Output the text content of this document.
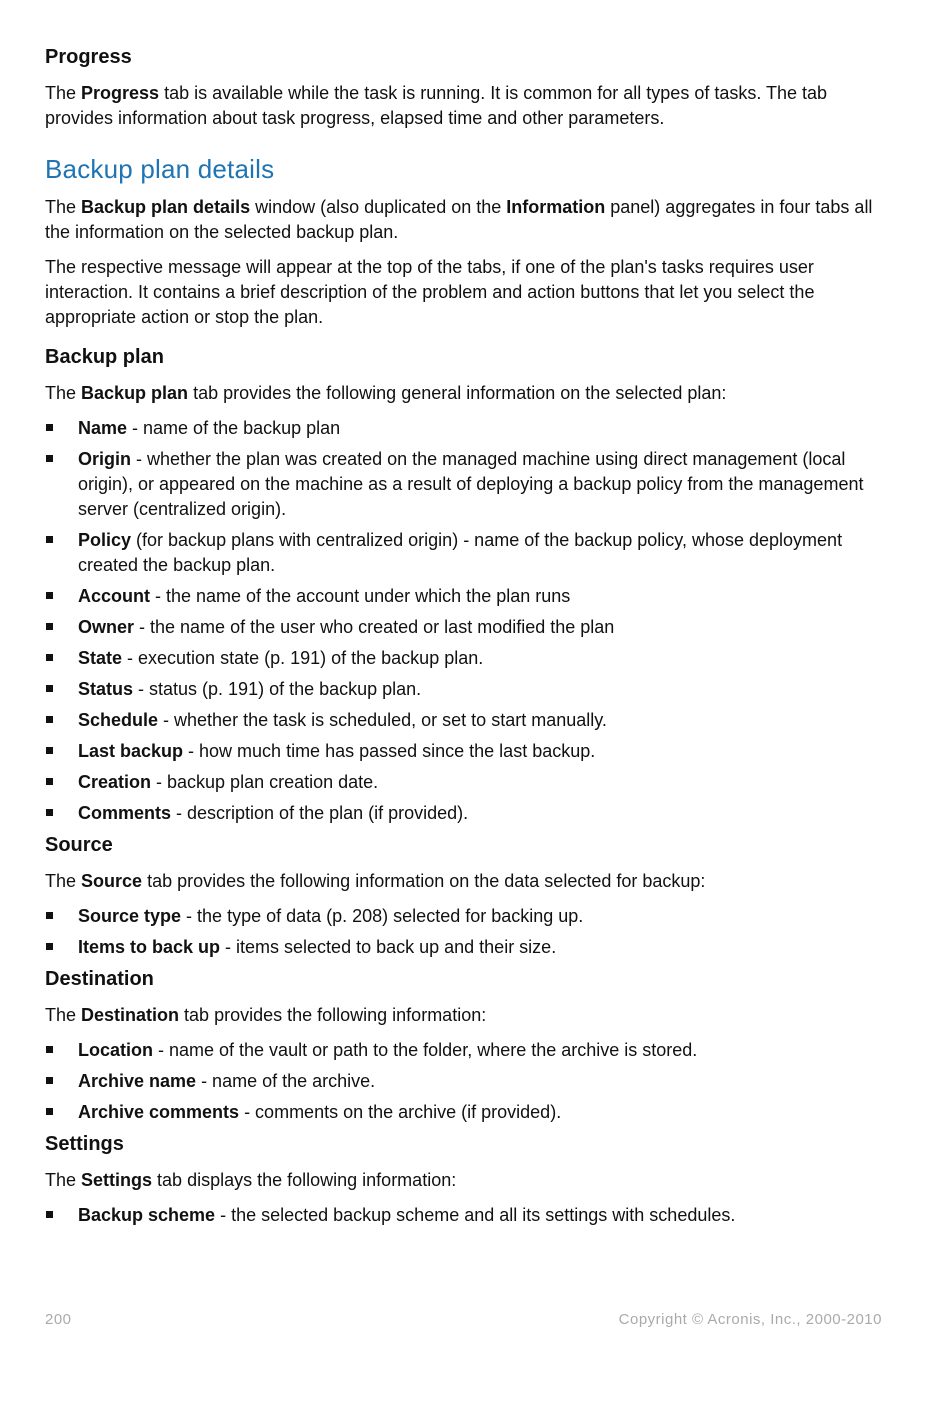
Progress

The Progress tab is available while the task is running. It is common for all types of tasks. The tab provides information about task progress, elapsed time and other parameters.

Backup plan details

The Backup plan details window (also duplicated on the Information panel) aggregates in four tabs all the information on the selected backup plan.

The respective message will appear at the top of the tabs, if one of the plan's tasks requires user interaction. It contains a brief description of the problem and action buttons that let you select the appropriate action or stop the plan.

Backup plan

The Backup plan tab provides the following general information on the selected plan:

Name - name of the backup plan
Origin - whether the plan was created on the managed machine using direct management (local origin), or appeared on the machine as a result of deploying a backup policy from the management server (centralized origin).
Policy (for backup plans with centralized origin) - name of the backup policy, whose deployment created the backup plan.
Account - the name of the account under which the plan runs
Owner - the name of the user who created or last modified the plan
State - execution state (p. 191) of the backup plan.
Status - status (p. 191) of the backup plan.
Schedule - whether the task is scheduled, or set to start manually.
Last backup - how much time has passed since the last backup.
Creation - backup plan creation date.
Comments - description of the plan (if provided).
Source

The Source tab provides the following information on the data selected for backup:

Source type - the type of data (p. 208) selected for backing up.
Items to back up - items selected to back up and their size.
Destination

The Destination tab provides the following information:

Location - name of the vault or path to the folder, where the archive is stored.
Archive name - name of the archive.
Archive comments - comments on the archive (if provided).
Settings

The Settings tab displays the following information:

Backup scheme - the selected backup scheme and all its settings with schedules.
200	Copyright © Acronis, Inc., 2000-2010
